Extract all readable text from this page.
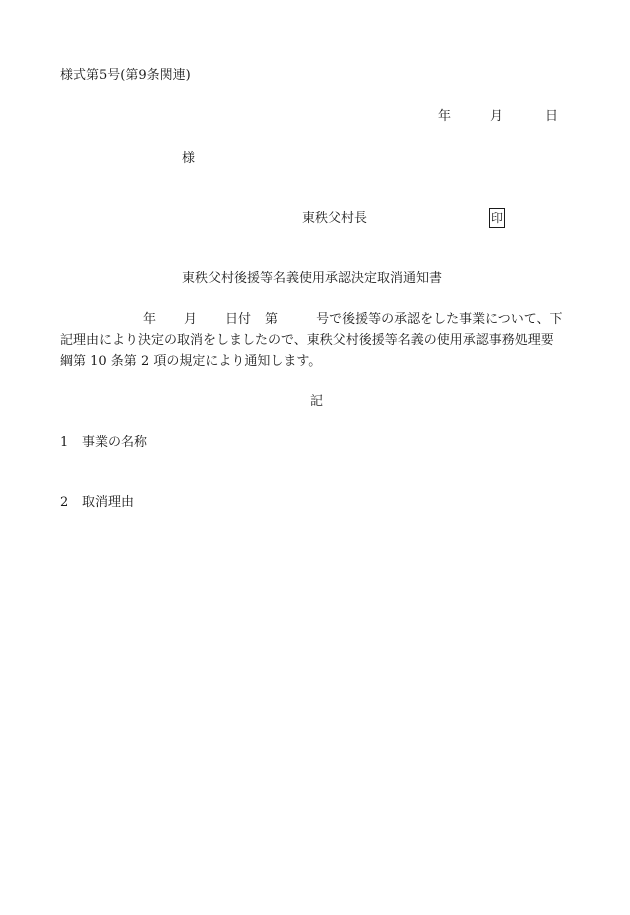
様式第5号(第9条関連)
年	月	日
様
東秩父村長	印
東秩父村後援等名義使用承認決定取消通知書
年 月 日付 第	号で後援等の承認をした事業について、下
記理由により決定の取消をしましたので、東秩父村後援等名義の使用承認事務処理要
綱第 10 条第 2 項の規定により通知します。
記
1 事業の名称
2 取消理由
